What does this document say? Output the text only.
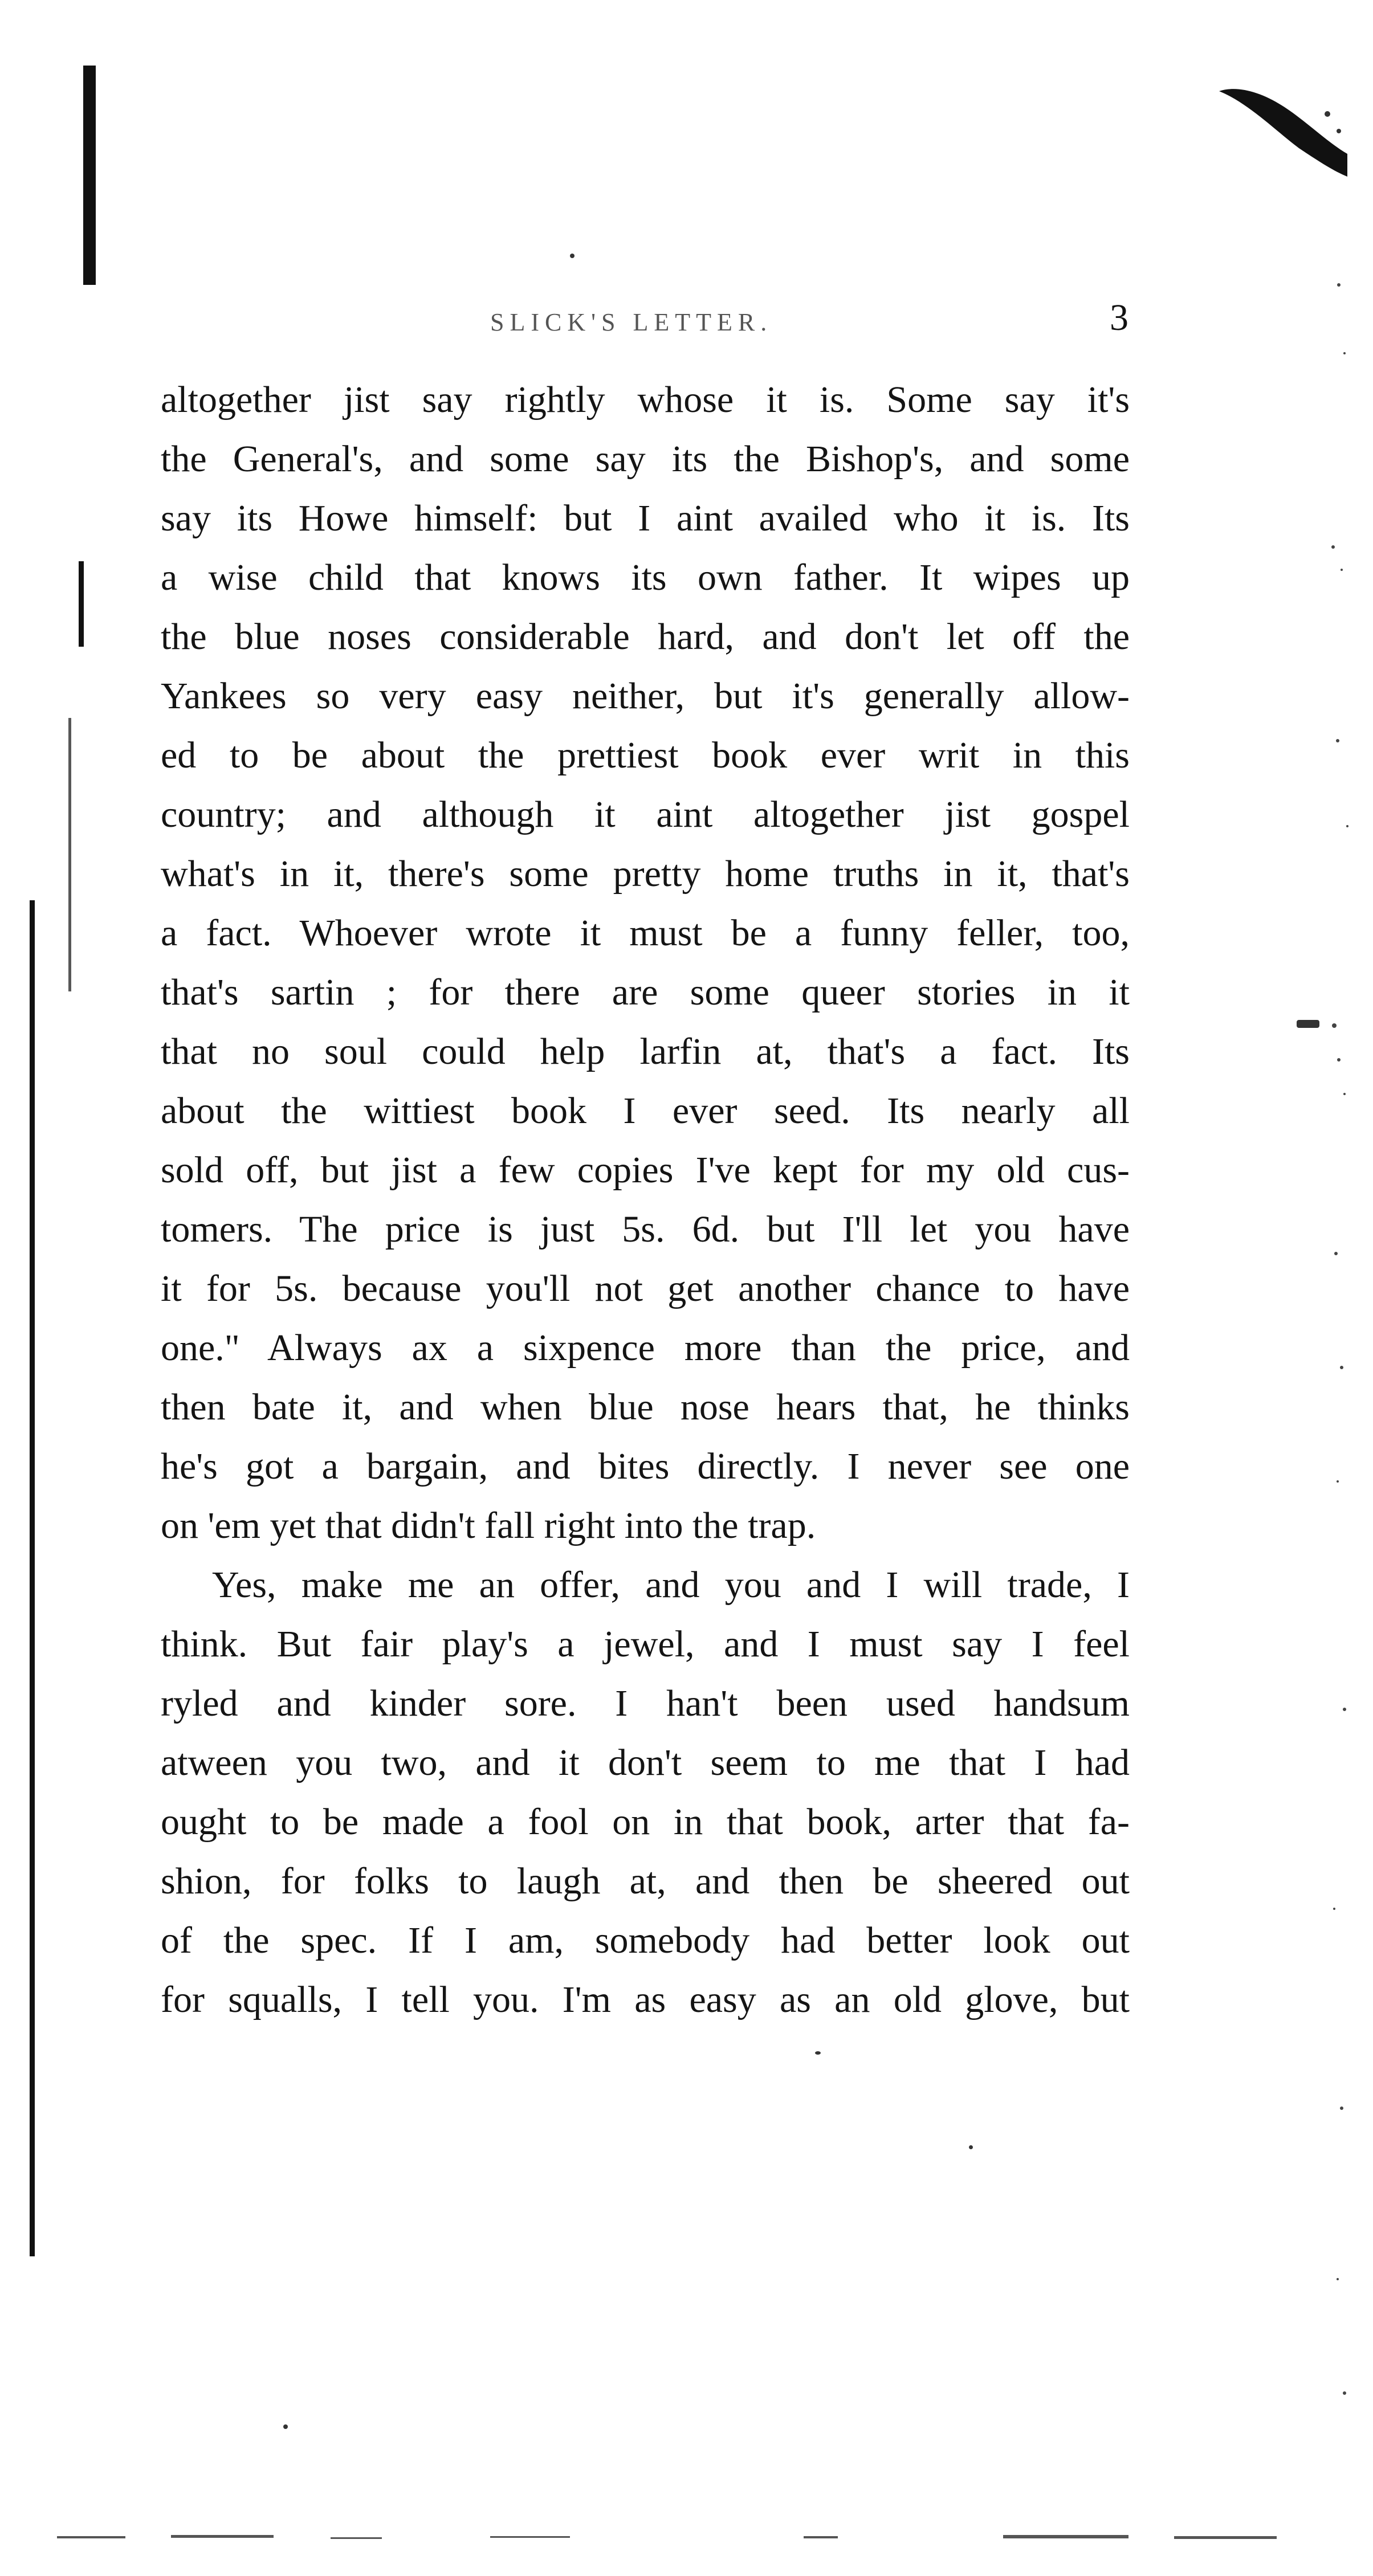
SLICK'S LETTER.	3
altogether jist say rightly whose it is. Some say it's
the General's, and some say its the Bishop's, and some
say its Howe himself: but I aint availed who it is. Its
a wise child that knows its own father. It wipes up
the blue noses considerable hard, and don't let off the
Yankees so very easy neither, but it's generally allow-
ed to be about the prettiest book ever writ in this
country; and although it aint altogether jist gospel
what's in it, there's some pretty home truths in it, that's
a fact. Whoever wrote it must be a funny feller, too,
that's sartin ; for there are some queer stories in it
that no soul could help larfin at, that's a fact. Its
about the wittiest book I ever seed. Its nearly all
sold off, but jist a few copies I've kept for my old cus-
tomers. The price is just 5s. 6d. but I'll let you have
it for 5s. because you'll not get another chance to have
one." Always ax a sixpence more than the price, and
then bate it, and when blue nose hears that, he thinks
he's got a bargain, and bites directly. I never see one
on 'em yet that didn't fall right into the trap.
Yes, make me an offer, and you and I will trade, I
think. But fair play's a jewel, and I must say I feel
ryled and kinder sore. I han't been used handsum
atween you two, and it don't seem to me that I had
ought to be made a fool on in that book, arter that fa-
shion, for folks to laugh at, and then be sheered out
of the spec. If I am, somebody had better look out
for squalls, I tell you. I'm as easy as an old glove, but
